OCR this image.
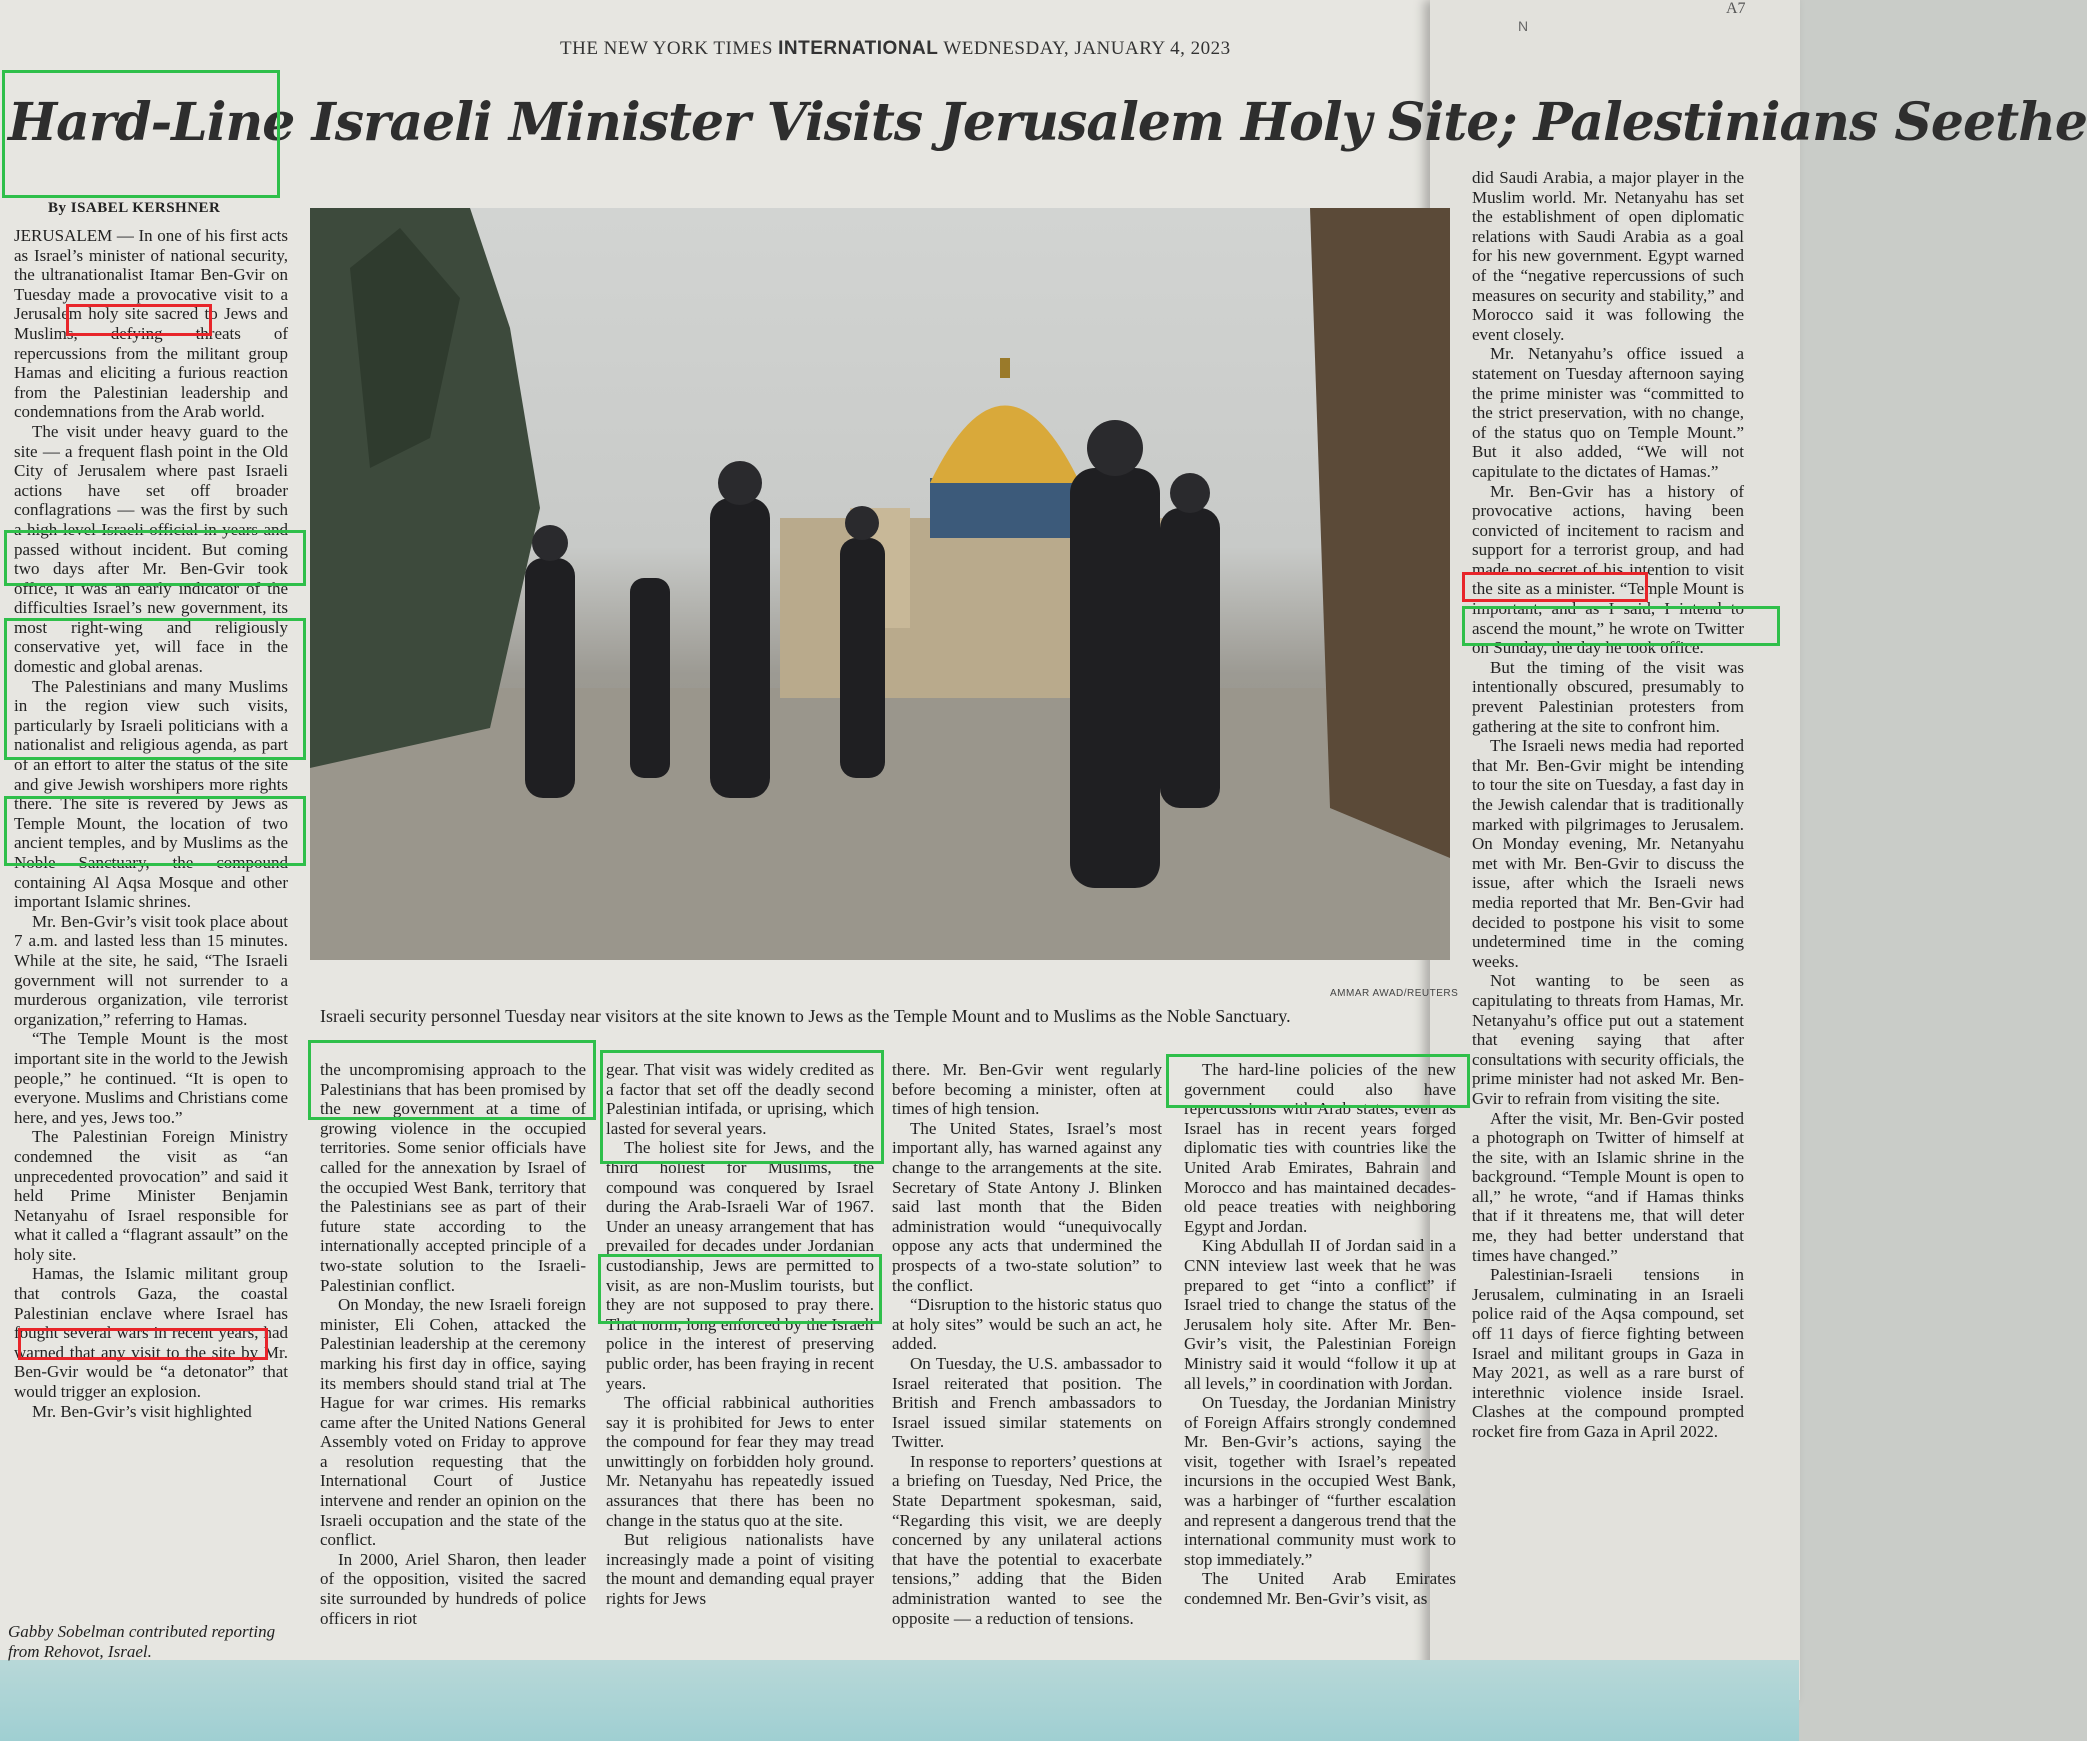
A7
N
THE NEW YORK TIMES INTERNATIONAL WEDNESDAY, JANUARY 4, 2023
Hard-Line Israeli Minister Visits Jerusalem Holy Site; Palestinians Seethe
By ISABEL KERSHNER

JERUSALEM — In one of his first acts as Israel’s minister of national security, the ultranationalist Itamar Ben-Gvir on Tuesday made a provocative visit to a Jerusalem holy site sacred to Jews and Muslims, defying threats of repercussions from the militant group Hamas and eliciting a furious reaction from the Palestinian leadership and condemnations from the Arab world.

The visit under heavy guard to the site — a frequent flash point in the Old City of Jerusalem where past Israeli actions have set off broader conflagrations — was the first by such a high-level Israeli official in years and passed without incident. But coming two days after Mr. Ben-Gvir took office, it was an early indicator of the difficulties Israel’s new government, its most right-wing and religiously conservative yet, will face in the domestic and global arenas.

The Palestinians and many Muslims in the region view such visits, particularly by Israeli politicians with a nationalist and religious agenda, as part of an effort to alter the status of the site and give Jewish worshipers more rights there. The site is revered by Jews as Temple Mount, the location of two ancient temples, and by Muslims as the Noble Sanctuary, the compound containing Al Aqsa Mosque and other important Islamic shrines.

Mr. Ben-Gvir’s visit took place about 7 a.m. and lasted less than 15 minutes. While at the site, he said, “The Israeli government will not surrender to a murderous organization, vile terrorist organization,” referring to Hamas.

“The Temple Mount is the most important site in the world to the Jewish people,” he continued. “It is open to everyone. Muslims and Christians come here, and yes, Jews too.”

The Palestinian Foreign Ministry condemned the visit as “an unprecedented provocation” and said it held Prime Minister Benjamin Netanyahu of Israel responsible for what it called a “flagrant assault” on the holy site.

Hamas, the Islamic militant group that controls Gaza, the coastal Palestinian enclave where Israel has fought several wars in recent years, had warned that any visit to the site by Mr. Ben-Gvir would be “a detonator” that would trigger an explosion.

Mr. Ben-Gvir’s visit highlighted

Gabby Sobelman contributed reporting from Rehovot, Israel.
AMMAR AWAD/REUTERS
Israeli security personnel Tuesday near visitors at the site known to Jews as the Temple Mount and to Muslims as the Noble Sanctuary.

the uncompromising approach to the Palestinians that has been promised by the new government at a time of growing violence in the occupied territories. Some senior officials have called for the annexation by Israel of the occupied West Bank, territory that the Palestinians see as part of their future state according to the internationally accepted principle of a two-state solution to the Israeli-Palestinian conflict.

On Monday, the new Israeli foreign minister, Eli Cohen, attacked the Palestinian leadership at the ceremony marking his first day in office, saying its members should stand trial at The Hague for war crimes. His remarks came after the United Nations General Assembly voted on Friday to approve a resolution requesting that the International Court of Justice intervene and render an opinion on the Israeli occupation and the state of the conflict.

In 2000, Ariel Sharon, then leader of the opposition, visited the sacred site surrounded by hundreds of police officers in riot

gear. That visit was widely credited as a factor that set off the deadly second Palestinian intifada, or uprising, which lasted for several years.

The holiest site for Jews, and the third holiest for Muslims, the compound was conquered by Israel during the Arab-Israeli War of 1967. Under an uneasy arrangement that has prevailed for decades under Jordanian custodianship, Jews are permitted to visit, as are non-Muslim tourists, but they are not supposed to pray there. That norm, long enforced by the Israeli police in the interest of preserving public order, has been fraying in recent years.

The official rabbinical authorities say it is prohibited for Jews to enter the compound for fear they may tread unwittingly on forbidden holy ground. Mr. Netanyahu has repeatedly issued assurances that there has been no change in the status quo at the site.

But religious nationalists have increasingly made a point of visiting the mount and demanding equal prayer rights for Jews

there. Mr. Ben-Gvir went regularly before becoming a minister, often at times of high tension.

The United States, Israel’s most important ally, has warned against any change to the arrangements at the site. Secretary of State Antony J. Blinken said last month that the Biden administration would “unequivocally oppose any acts that undermined the prospects of a two-state solution” to the conflict.

“Disruption to the historic status quo at holy sites” would be such an act, he added.

On Tuesday, the U.S. ambassador to Israel reiterated that position. The British and French ambassadors to Israel issued similar statements on Twitter.

In response to reporters’ questions at a briefing on Tuesday, Ned Price, the State Department spokesman, said, “Regarding this visit, we are deeply concerned by any unilateral actions that have the potential to exacerbate tensions,” adding that the Biden administration wanted to see the opposite — a reduction of tensions.

The hard-line policies of the new government could also have repercussions with Arab states, even as Israel has in recent years forged diplomatic ties with countries like the United Arab Emirates, Bahrain and Morocco and has maintained decades-old peace treaties with neighboring Egypt and Jordan.

King Abdullah II of Jordan said in a CNN inteview last week that he was prepared to get “into a conflict” if Israel tried to change the status of the Jerusalem holy site. After Mr. Ben-Gvir’s visit, the Palestinian Foreign Ministry said it would “follow it up at all levels,” in coordination with Jordan.

On Tuesday, the Jordanian Ministry of Foreign Affairs strongly condemned Mr. Ben-Gvir’s actions, saying the visit, together with Israel’s repeated incursions in the occupied West Bank, was a harbinger of “further escalation and represent a dangerous trend that the international community must work to stop immediately.”

The United Arab Emirates condemned Mr. Ben-Gvir’s visit, as

did Saudi Arabia, a major player in the Muslim world. Mr. Netanyahu has set the establishment of open diplomatic relations with Saudi Arabia as a goal for his new government. Egypt warned of the “negative repercussions of such measures on security and stability,” and Morocco said it was following the event closely.

Mr. Netanyahu’s office issued a statement on Tuesday afternoon saying the prime minister was “committed to the strict preservation, with no change, of the status quo on Temple Mount.” But it also added, “We will not capitulate to the dictates of Hamas.”

Mr. Ben-Gvir has a history of provocative actions, having been convicted of incitement to racism and support for a terrorist group, and had made no secret of his intention to visit the site as a minister. “Temple Mount is important, and as I said, I intend to ascend the mount,” he wrote on Twitter on Sunday, the day he took office.

But the timing of the visit was intentionally obscured, presumably to prevent Palestinian protesters from gathering at the site to confront him.

The Israeli news media had reported that Mr. Ben-Gvir might be intending to tour the site on Tuesday, a fast day in the Jewish calendar that is traditionally marked with pilgrimages to Jerusalem. On Monday evening, Mr. Netanyahu met with Mr. Ben-Gvir to discuss the issue, after which the Israeli news media reported that Mr. Ben-Gvir had decided to postpone his visit to some undetermined time in the coming weeks.

Not wanting to be seen as capitulating to threats from Hamas, Mr. Netanyahu’s office put out a statement that evening saying that after consultations with security officials, the prime minister had not asked Mr. Ben-Gvir to refrain from visiting the site.

After the visit, Mr. Ben-Gvir posted a photograph on Twitter of himself at the site, with an Islamic shrine in the background. “Temple Mount is open to all,” he wrote, “and if Hamas thinks that if it threatens me, that will deter me, they had better understand that times have changed.”

Palestinian-Israeli tensions in Jerusalem, culminating in an Israeli police raid of the Aqsa compound, set off 11 days of fierce fighting between Israel and militant groups in Gaza in May 2021, as well as a rare burst of interethnic violence inside Israel. Clashes at the compound prompted rocket fire from Gaza in April 2022.
